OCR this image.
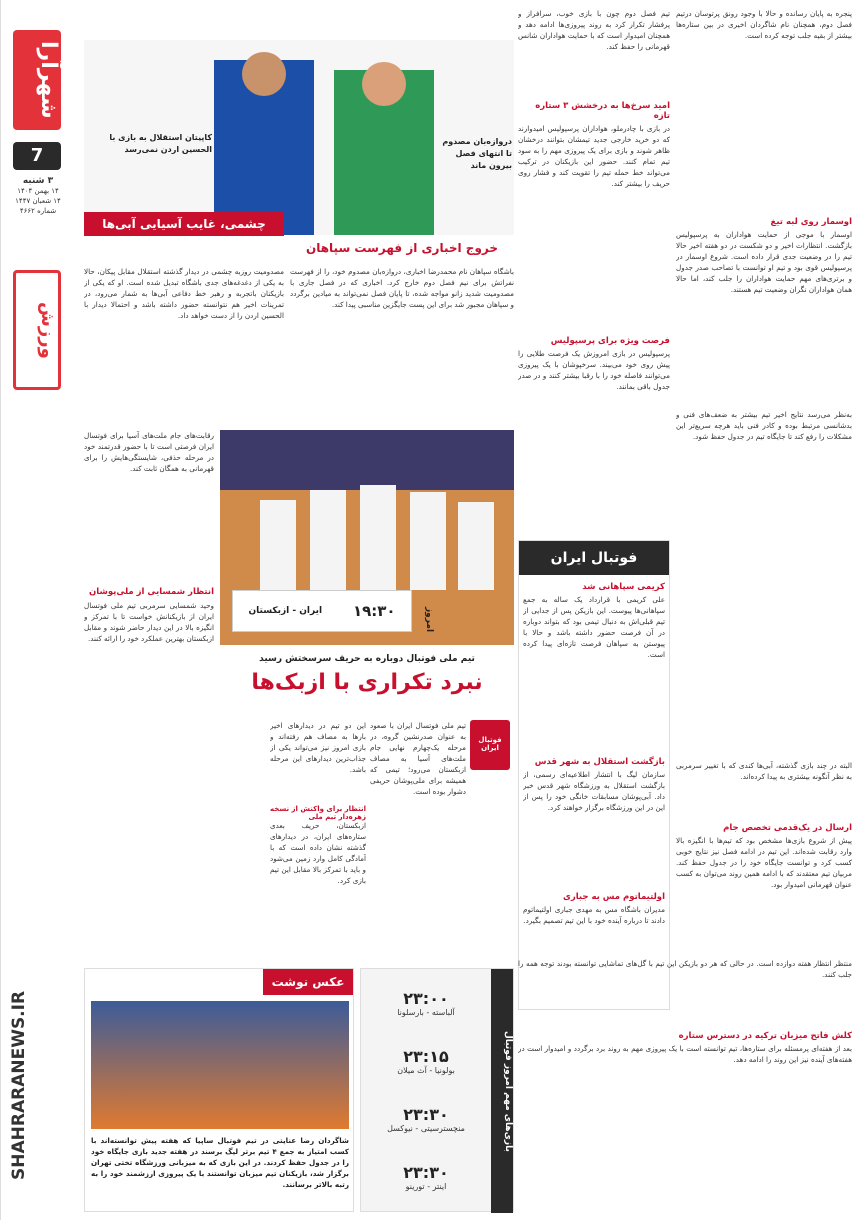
شهرآرا
7
۳ شنبه
۱۴ بهمن ۱۴۰۴
۱۴ شعبان ۱۴۴۷
شماره ۴۶۶۲
ورزش
SHAHRARANEWS.IR
پنجره به پایان رسانده و حالا با وجود رونق پرتوسان درتیم فصل دوم، همچنان نام شاگردان اخیری در بین ستاره‌ها بیشتر از بقیه جلب توجه کرده است.
اوسمار روی لبه تیغ
اوسمار با موجی از حمایت هواداران به پرسپولیس بازگشت. انتظارات اخیر و دو شکست در دو هفته اخیر حالا تیم را در وضعیت جدی قرار داده است. شروع اوسمار در پرسپولیس قوی بود و تیم او توانست با تصاحب صدر جدول و برتری‌های مهم حمایت هواداران را جلب کند، اما حالا همان هواداران نگران وضعیت تیم هستند.
به‌نظر می‌رسد نتایج اخیر تیم بیشتر به ضعف‌های فنی و بدشانسی مرتبط بوده و کادر فنی باید هرچه سریع‌تر این مشکلات را رفع کند تا جایگاه تیم در جدول حفظ شود.
تیم فصل دوم چون با بازی خوب، سرافراز و پرفشار تکرار کرد به روند پیروزی‌ها ادامه دهد و همچنان امیدوار است که با حمایت هواداران شانس قهرمانی را حفظ کند.
امید سرخ‌ها به درخشش ۳ ستاره تازه
در بازی با چادرملو، هواداران پرسپولیس امیدوارند که دو خرید خارجی جدید تیمشان بتوانند درخشان ظاهر شوند و بازی برای یک پیروزی مهم را به سود تیم تمام کنند. حضور این بازیکنان در ترکیب می‌تواند خط حمله تیم را تقویت کند و فشار روی حریف را بیشتر کند.
فرصت ویژه برای پرسپولیس
پرسپولیس در بازی امروزش یک فرصت طلایی را پیش روی خود می‌بیند. سرخپوشان با یک پیروزی می‌توانند فاصله خود را با رقبا بیشتر کنند و در صدر جدول باقی بمانند.
کاپیتان استقلال به بازی با الحسین اردن نمی‌رسد
دروازه‌بان مصدوم تا انتهای فصل بیرون ماند
چشمی، غایب آسیایی آبی‌ها
خروج اخباری از فهرست سپاهان
مصدومیت روزبه چشمی در دیدار گذشته استقلال مقابل پیکان، حالا به یکی از دغدغه‌های جدی باشگاه تبدیل شده است. او که یکی از بازیکنان باتجربه و رهبر خط دفاعی آبی‌ها به شمار می‌رود، در تمرینات اخیر هم نتوانسته حضور داشته باشد و احتمالا دیدار با الحسین اردن را از دست خواهد داد.
باشگاه سپاهان نام محمدرضا اخباری، دروازه‌بان مصدوم خود، را از فهرست نفراتش برای نیم فصل دوم خارج کرد. اخباری که در فصل جاری با مصدومیت شدید زانو مواجه شده، تا پایان فصل نمی‌تواند به میادین برگردد و سپاهان مجبور شد برای این پست جایگزین مناسبی پیدا کند.
فوتبال ایران
کریمی سپاهانی شد
علی کریمی با قرارداد یک ساله به جمع سپاهانی‌ها پیوست. این بازیکن پس از جدایی از تیم قبلی‌اش به دنبال تیمی بود که بتواند دوباره در آن فرصت حضور داشته باشد و حالا با پیوستن به سپاهان فرصت تازه‌ای پیدا کرده است.
بازگشت استقلال به شهر قدس
سازمان لیگ با انتشار اطلاعیه‌ای رسمی، از بازگشت استقلال به ورزشگاه شهر قدس خبر داد. آبی‌پوشان مسابقات خانگی خود را پس از این در این ورزشگاه برگزار خواهند کرد.
اولتیماتوم مس به جباری
مدیران باشگاه مس به مهدی جباری اولتیماتوم دادند تا درباره آینده خود با این تیم تصمیم بگیرد.
البته در چند بازی گذشته، آبی‌ها کندی که با تغییر سرمربی به نظر آنگونه بیشتری به پیدا کرده‌اند.
ارسال در یک‌قدمی تخصص جام
پیش از شروع بازی‌ها مشخص بود که تیم‌ها با انگیزه بالا وارد رقابت شده‌اند. این تیم در ادامه فصل نیز نتایج خوبی کسب کرد و توانست جایگاه خود را در جدول حفظ کند. مربیان تیم معتقدند که با ادامه همین روند می‌توان به کسب عنوان قهرمانی امیدوار بود.
۱۹:۳۰
ایران - ازبکستان	امروز
تیم ملی فوتبال دوباره به حریف سرسختش رسید
نبرد تکراری با ازبک‌ها
رقابت‌های جام ملت‌های آسیا برای فوتسال ایران فرصتی است تا با حضور قدرتمند خود در مرحله حذفی، شایستگی‌هایش را برای قهرمانی به همگان ثابت کند.
انتظار شمسایی از ملی‌پوشان
وحید شمسایی سرمربی تیم ملی فوتسال ایران از بازیکنانش خواست تا با تمرکز و انگیزه بالا در این دیدار حاضر شوند و مقابل ازبکستان بهترین عملکرد خود را ارائه کنند.
فوتبال ایران
تیم ملی فوتسال ایران با صعود به عنوان صدرنشین گروه، در مرحله یک‌چهارم نهایی جام ملت‌های آسیا به مصاف ازبکستان می‌رود؛ تیمی که همیشه برای ملی‌پوشان حریفی دشوار بوده است.
این دو تیم در دیدارهای اخیر بارها به مصاف هم رفته‌اند و بازی امروز نیز می‌تواند یکی از جذاب‌ترین دیدارهای این مرحله باشد.
انتظار برای واکنش از نسخه زهره‌دار تیم ملی
ازبکستان، حریف بعدی ستاره‌های ایران، در دیدارهای گذشته نشان داده است که با آمادگی کامل وارد زمین می‌شود و باید با تمرکز بالا مقابل این تیم بازی کرد.
منتظر انتظار هفته دوازده است. در حالی که هر دو بازیکن این تیم با گل‌های تماشایی توانسته بودند توجه همه را جلب کنند.
کلش فاتح میزبان ترکیه در دسترس ستاره
بعد از هفته‌ای پرمسئله برای ستاره‌ها، تیم توانسته است با یک پیروزی مهم به روند برد برگردد و امیدوار است در هفته‌های آینده نیز این روند را ادامه دهد.
بازی‌های مهم امروز فوتبال
۲۳:۰۰
آلباسته - بارسلونا
۲۳:۱۵
بولونیا - آث میلان
۲۳:۳۰
منچسترسیتی - نیوکسل
۲۳:۳۰
اینتر - تورینو
عکس نوشت
شاگردان رضا عنایتی در تیم فوتبال ساپیا که هفته پیش توانسته‌اند با کسب امتیاز به جمع ۴ تیم برتر لیگ برسند در هفته جدید بازی جایگاه خود را در جدول حفظ کردند. در این بازی که به میزبانی ورزشگاه تختی تهران برگزار شد، بازیکنان تیم میزبان توانستند با یک پیروزی ارزشمند خود را به رتبه بالاتر برسانند.
